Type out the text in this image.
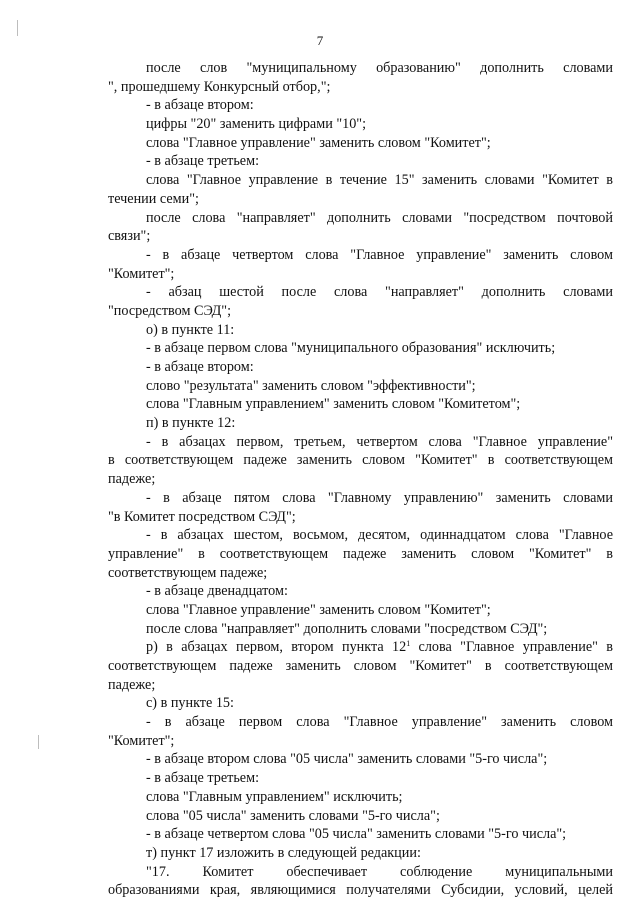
7
после слов "муниципальному образованию" дополнить словами
", прошедшему Конкурсный отбор,";
- в абзаце втором:
цифры "20" заменить цифрами "10";
слова "Главное управление" заменить словом "Комитет";
- в абзаце третьем:
слова "Главное управление в течение 15" заменить словами "Комитет в
течении семи";
после слова "направляет" дополнить словами "посредством почтовой
связи";
- в абзаце четвертом слова "Главное управление" заменить словом
"Комитет";
- абзац шестой после слова "направляет" дополнить словами
"посредством СЭД";
о) в пункте 11:
- в абзаце первом слова "муниципального образования" исключить;
- в абзаце втором:
слово "результата" заменить словом "эффективности";
слова "Главным управлением" заменить словом "Комитетом";
п) в пункте 12:
- в абзацах первом, третьем, четвертом слова "Главное управление"
в соответствующем падеже заменить словом "Комитет" в соответствующем
падеже;
- в абзаце пятом слова "Главному управлению" заменить словами
"в Комитет посредством СЭД";
- в абзацах шестом, восьмом, десятом, одиннадцатом слова "Главное
управление" в соответствующем падеже заменить словом "Комитет" в
соответствующем падеже;
- в абзаце двенадцатом:
слова "Главное управление" заменить словом "Комитет";
после слова "направляет" дополнить словами "посредством СЭД";
р) в абзацах первом, втором пункта $12^1$ слова "Главное управление" в
соответствующем падеже заменить словом "Комитет" в соответствующем
падеже;
с) в пункте 15:
- в абзаце первом слова "Главное управление" заменить словом
"Комитет";
- в абзаце втором слова "05 числа" заменить словами "5-го числа";
- в абзаце третьем:
слова "Главным управлением" исключить;
слова "05 числа" заменить словами "5-го числа";
- в абзаце четвертом слова "05 числа" заменить словами "5-го числа";
т) пункт 17 изложить в следующей редакции:
"17. Комитет обеспечивает соблюдение муниципальными
образованиями края, являющимися получателями Субсидии, условий, целей
